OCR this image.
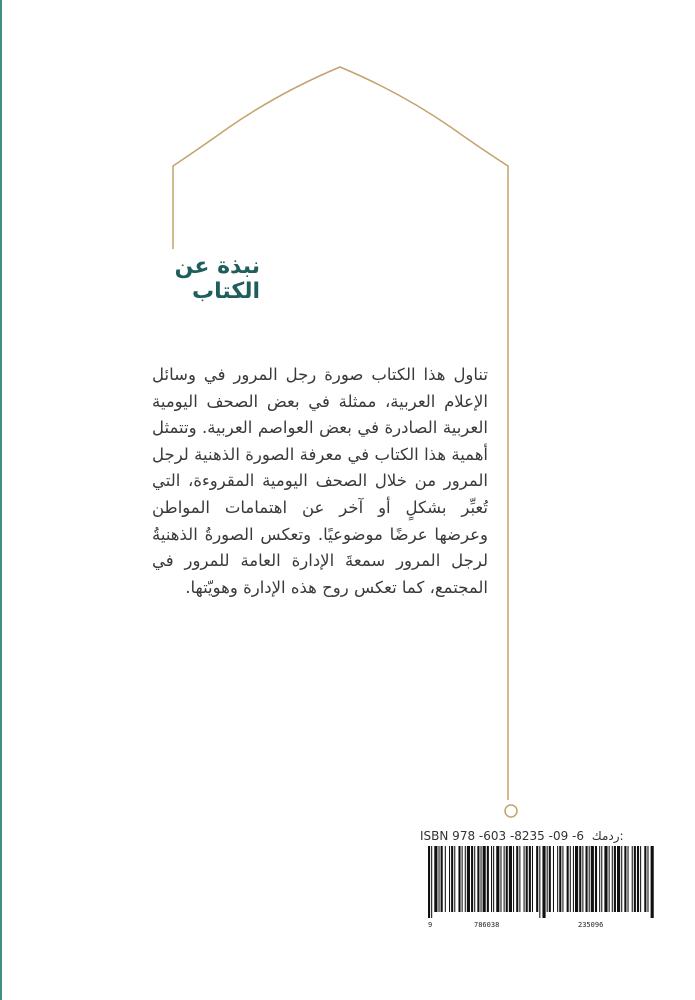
نبذة عن الكتاب
تناول هذا الكتاب صورة رجل المرور في وسائل الإعلام العربية، ممثلة في بعض الصحف اليومية العربية الصادرة في بعض العواصم العربية. وتتمثل أهمية هذا الكتاب في معرفة الصورة الذهنية لرجل المرور من خلال الصحف اليومية المقروءة، التي تُعبِّر بشكلٍ أو آخر عن اهتمامات المواطن وعرضها عرضًا موضوعيًا. وتعكس الصورةُ الذهنيةُ لرجل المرور سمعةَ الإدارة العامة للمرور في المجتمع، كما تعكس روح هذه الإدارة وهويّتها.
ISBN 978 -603 -8235 -09 -6 ردمك:
9	786038	235096
